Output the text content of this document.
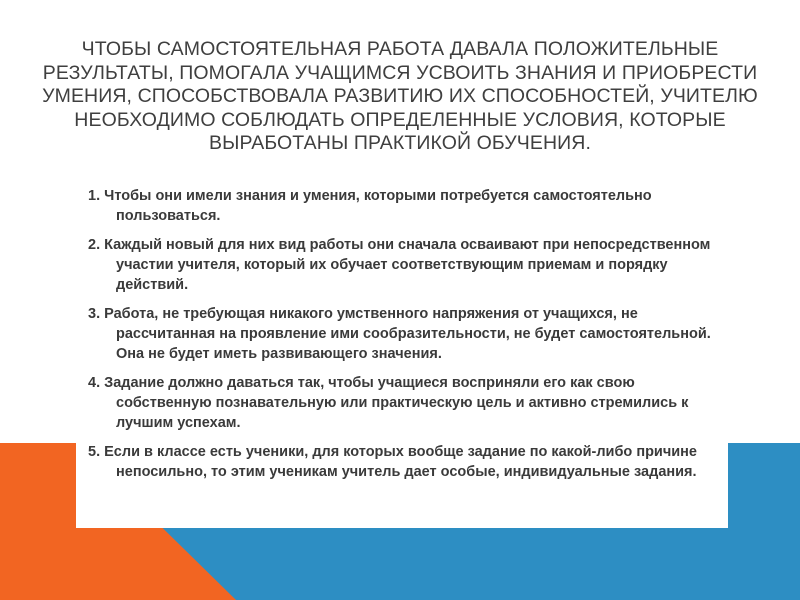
ЧТОБЫ САМОСТОЯТЕЛЬНАЯ РАБОТА ДАВАЛА ПОЛОЖИТЕЛЬНЫЕ РЕЗУЛЬТАТЫ, ПОМОГАЛА УЧАЩИМСЯ УСВОИТЬ ЗНАНИЯ И ПРИОБРЕСТИ УМЕНИЯ, СПОСОБСТВОВАЛА РАЗВИТИЮ ИХ СПОСОБНОСТЕЙ, УЧИТЕЛЮ НЕОБХОДИМО СОБЛЮДАТЬ ОПРЕДЕЛЕННЫЕ УСЛОВИЯ, КОТОРЫЕ ВЫРАБОТАНЫ ПРАКТИКОЙ ОБУЧЕНИЯ.
1. Чтобы они имели знания и умения, которыми потребуется самостоятельно пользоваться.
2. Каждый новый для них вид работы они сначала осваивают при непосредственном участии учителя, который их обучает соответствующим приемам и порядку действий.
3. Работа, не требующая никакого умственного напряжения от учащихся, не рассчитанная на проявление ими сообразительности, не будет самостоятельной. Она не будет иметь развивающего значения.
4. Задание должно даваться так, чтобы учащиеся восприняли его как свою собственную познавательную или практическую цель и активно стремились к лучшим успехам.
5. Если в классе есть ученики, для которых вообще задание по какой-либо причине непосильно, то этим ученикам учитель дает особые, индивидуальные задания.
